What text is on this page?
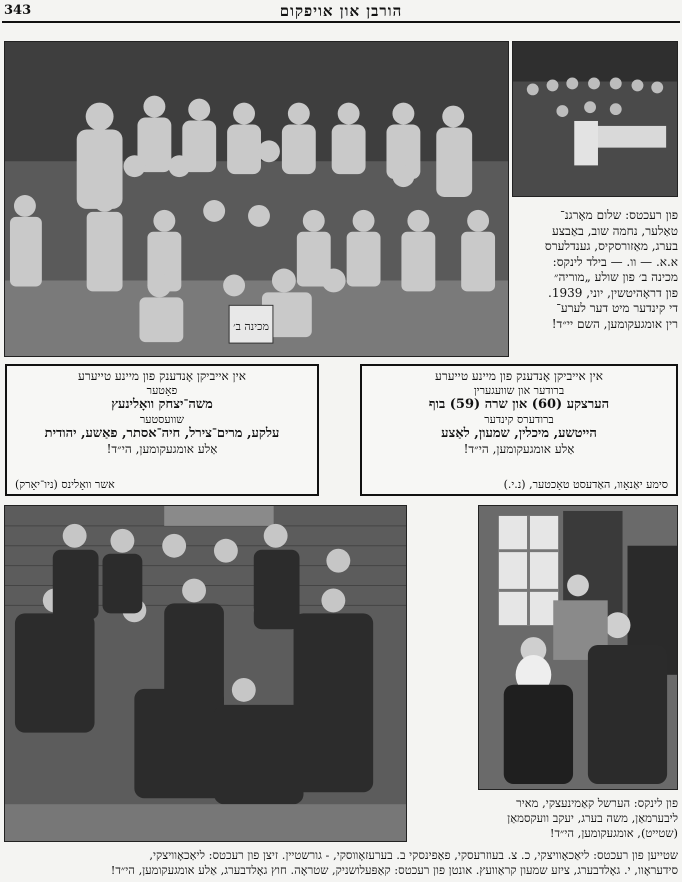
343	הורבן און אויפקום
מכינה ב׳
פון רעכטס: שלום מאָרגנ־
טאַלער, נחמה שוב, באַבצע
בערג, מאַזורסקיס, גענדלערס
א.א. — וו. — בילד לינקס:
מכינה ב׳ פון שולע „מוריה״
פון דראָהיטשין, יוני, 1939.
די קינדער מיט דער לערע־
רין אומגעקומען, השם יי״ד!
אין אייביקן אָנדענק פון מיינע טייערע
ברודער און שוועגערין
הערצקע (60) און שרה (59) בוף
ברודערס קינדער
הייטשע, מיכלין, שמעון, לאַצע
אַלע אומגעקומען, הי״ד!
סימע יאַנאָוו, האַדעסט טאָכטער, (נ.י.)
אין אייביקן אָנדענק פון מיינע טייערע
פאָטער
משה־יצחק וואָלינעץ
שוועסטער
עלקע, מרים־צירל, חיה־אסתר, פאַשע, יהודית
אַלע אומגעקומען, הי״ד!
אשר וואָלינס (ניו־יאָרק)
פון לינקס: הערשל קאַמינעצקי, מאיר
ליבערמאַן, משה בערג, יעקב וועקסמאַן
(שטייט), אומגעקומען, הי״ד!
שטייען פון רעכטס: ליאַכאָוויצקי, כ. צ. בעוזרעסקי, פאַפינסקי ב. בערעזאָווסקי, - גורשטיין. זיצן פון רעכטס: ליאַכאָוויצקי,
סידעראָוו, י. גאָלדבערג, ציזע שמעון קראַוועץ. אונטן פון רעכטס: קאַפּעלושניק, שטראָה. חוץ גאָלדבערג, אַלע אומגעקומען, הי״ד!
